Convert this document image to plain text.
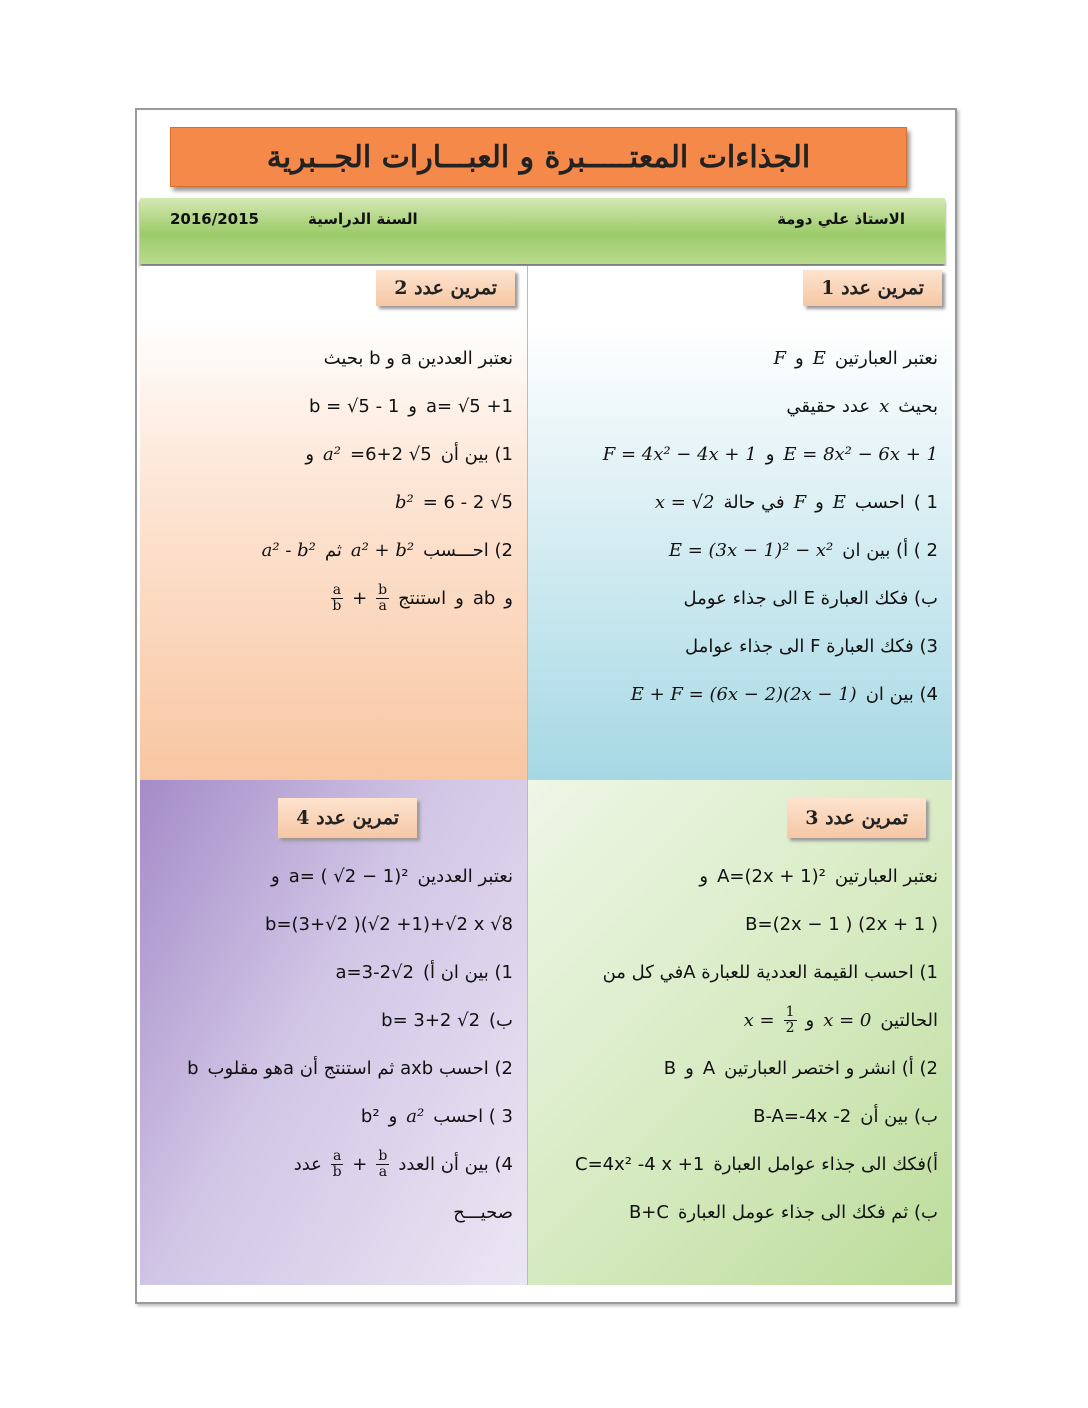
الجذاءات المعتـــــبرة و العبـــارات الجــبرية
الاستاذ علي دومة
السنة الدراسية
2016/2015
تمرين عدد 1
F و E نعتبر العبارتين
عدد حقيقي x بحيث
F = 4x² − 4x + 1 و E = 8x² − 6x + 1
x = √2 في حالة F و E احسب ( 1
E = (3x − 1)² − x² 2 ) أ) بين ان
ب) فكك العبارة E الى جذاء عومل
3) فكك العبارة F الى جذاء عوامل
E + F = (6x − 2)(2x − 1) 4) بين ان
تمرين عدد 2
نعتبر العددين a و b بحيث
b = √5 - 1 و a= √5 +1
و a² =6+2 √5 1) بين أن
b² = 6 - 2 √5
a² - b² ثم a² + b² 2) احـــسب
$\frac{a}{b} + \frac{b}{a}$ استنتج و ab و
تمرين عدد 3
و A=(2x + 1)² نعتبر العبارتين
B=(2x − 1 ) (2x + 1 )
1) احسب القيمة العددية للعبارة Aفي كل من
$x = \frac{1}{2}$ و x = 0 الحالتين
B و A 2) أ) انشر و اختصر العبارتين
B-A=-4x -2 ب) بين أن
C=4x² -4 x +1 أ)فكك الى جذاء عوامل العبارة
B+C ب) ثم فكك الى جذاء عومل العبارة
تمرين عدد 4
و a= ( √2 − 1)² نعتبر العددين
b=(3+√2 )(√2 +1)+√2 x √8
a=3-2√2 1) بين ان أ)
b= 3+2 √2 ب)
b 2) احسب axb ثم استنتج أن aهو مقلوب
b² و a² 3 ) احسب
عدد $\frac{a}{b} + \frac{b}{a} 4$) بين أن العدد
صحيـــح
